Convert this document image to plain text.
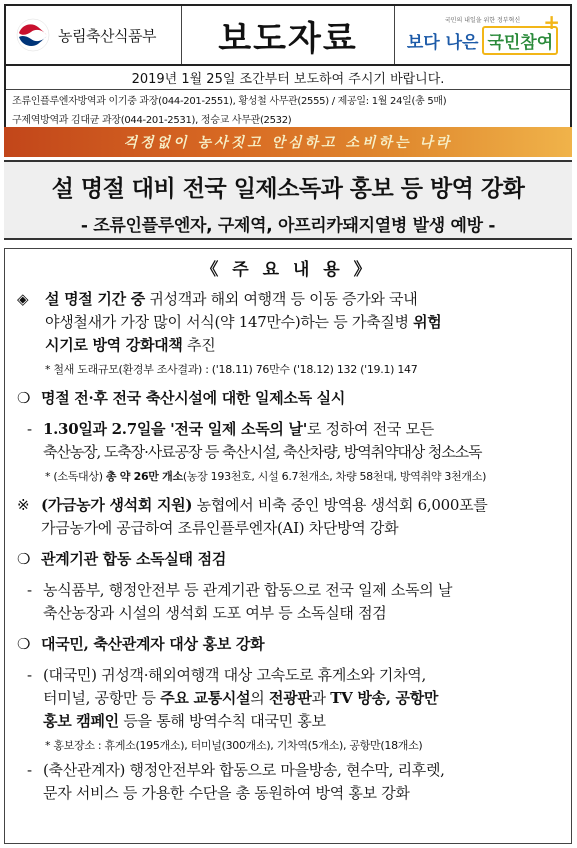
농림축산식품부 보도자료	+
국민의 내일을 위한 정부혁신
보다 나은 국민참여
2019년 1월 25일 조간부터 보도하여 주시기 바랍니다.
조류인플루엔자방역과 이기중 과장(044-201-2551), 황성철 사무관(2555) / 제공일: 1월 24일(총 5매)
구제역방역과 김대균 과장(044-201-2531), 정승교 사무관(2532)
걱정없이 농사짓고 안심하고 소비하는 나라
설 명절 대비 전국 일제소독과 홍보 등 방역 강화
- 조류인플루엔자, 구제역, 아프리카돼지열병 발생 예방 -
《 주 요 내 용 》
◈ 설 명절 기간 중 귀성객과 해외 여행객 등 이동 증가와 국내
야생철새가 가장 많이 서식(약 147만수)하는 등 가축질병 위험
시기로 방역 강화대책 추진
* 철새 도래규모(환경부 조사결과) : ('18.11) 76만수 ('18.12) 132 ('19.1) 147
❍ 명절 전·후 전국 축산시설에 대한 일제소독 실시
- 1.30일과 2.7일을 '전국 일제 소독의 날'로 정하여 전국 모든
축산농장, 도축장·사료공장 등 축산시설, 축산차량, 방역취약대상 청소소독
* (소독대상) 총 약 26만 개소(농장 193천호, 시설 6.7천개소, 차량 58천대, 방역취약 3천개소)
※ (가금농가 생석회 지원) 농협에서 비축 중인 방역용 생석회 6,000포를
가금농가에 공급하여 조류인플루엔자(AI) 차단방역 강화
❍ 관계기관 합동 소독실태 점검
- 농식품부, 행정안전부 등 관계기관 합동으로 전국 일제 소독의 날
축산농장과 시설의 생석회 도포 여부 등 소독실태 점검
❍ 대국민, 축산관계자 대상 홍보 강화
- (대국민) 귀성객·해외여행객 대상 고속도로 휴게소와 기차역,
터미널, 공항만 등 주요 교통시설의 전광판과 TV 방송, 공항만
홍보 캠페인 등을 통해 방역수칙 대국민 홍보
* 홍보장소 : 휴게소(195개소), 터미널(300개소), 기차역(5개소), 공항만(18개소)
- (축산관계자) 행정안전부와 합동으로 마을방송, 현수막, 리후렛,
문자 서비스 등 가용한 수단을 총 동원하여 방역 홍보 강화
